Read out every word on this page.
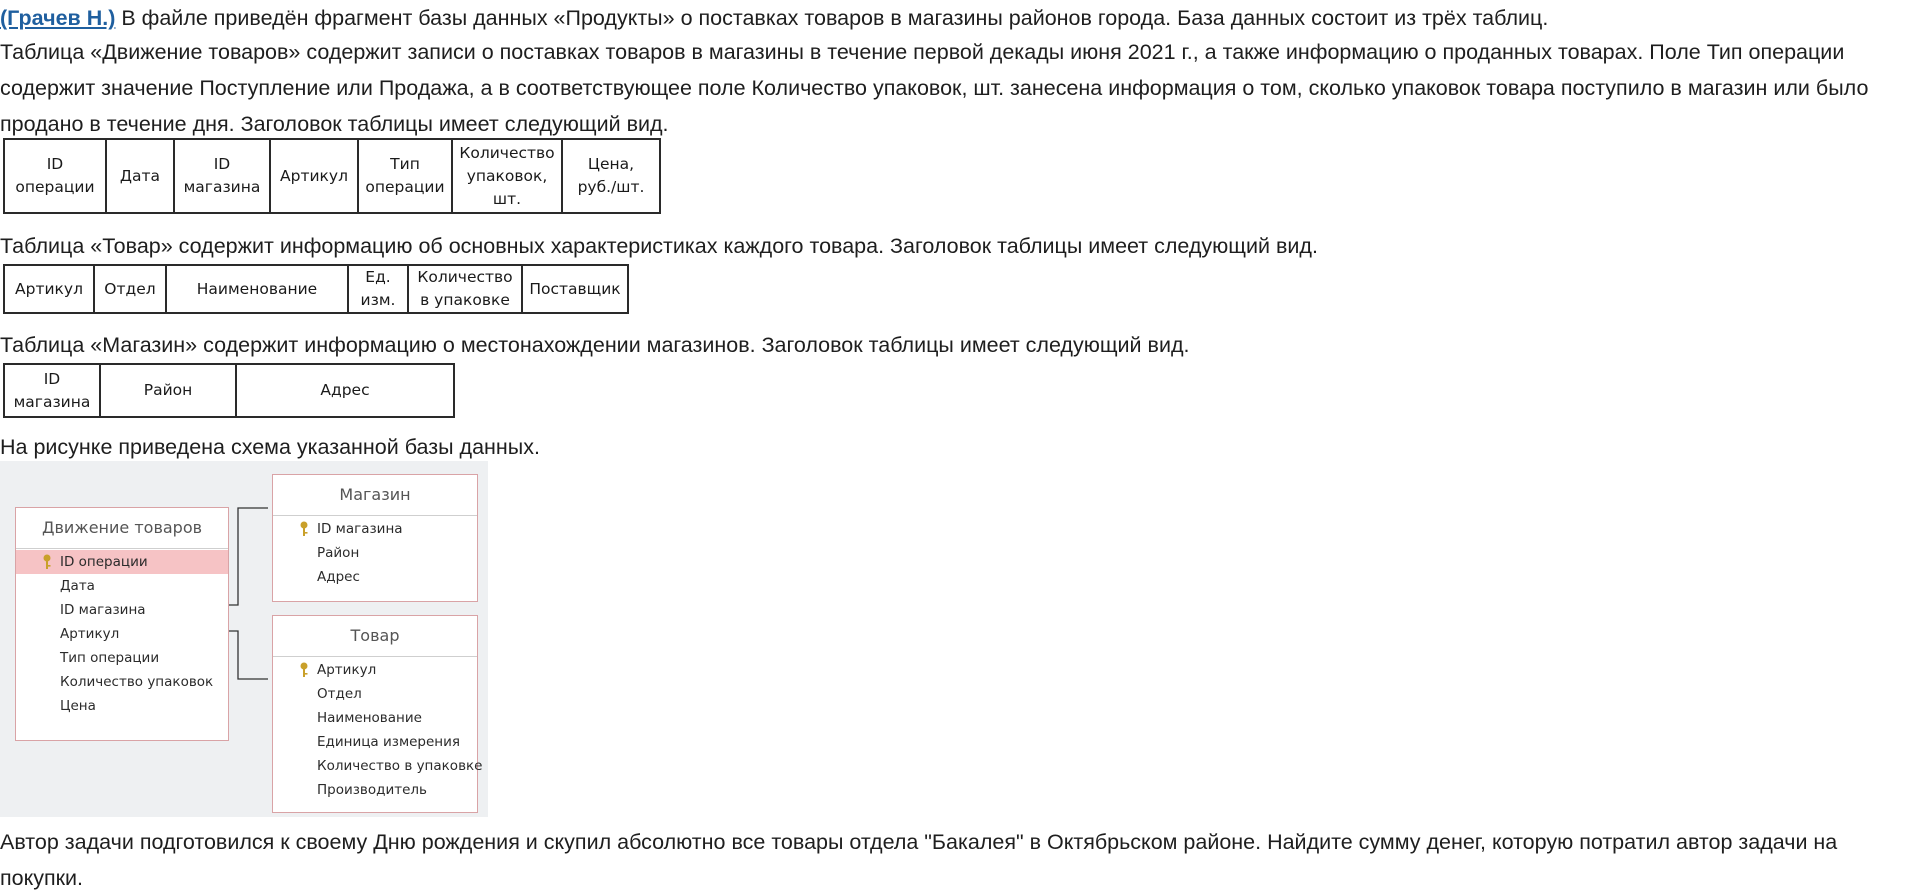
(Грачев Н.) В файле приведён фрагмент базы данных «Продукты» о поставках товаров в магазины районов города. База данных состоит из трёх таблиц.

Таблица «Движение товаров» содержит записи о поставках товаров в магазины в течение первой декады июня 2021 г., а также информацию о проданных товарах. Поле Тип операции содержит значение Поступление или Продажа, а в соответствующее поле Количество упаковок, шт. занесена информация о том, сколько упаковок товара поступило в магазин или было продано в течение дня. Заголовок таблицы имеет следующий вид.

ID операции	Дата	ID магазина	Артикул	Тип операции	Количество упаковок, шт.	Цена, руб./шт.

Таблица «Товар» содержит информацию об основных характеристиках каждого товара. Заголовок таблицы имеет следующий вид.

Артикул	Отдел	Наименование	Ед. изм.	Количество в упаковке	Поставщик

Таблица «Магазин» содержит информацию о местонахождении магазинов. Заголовок таблицы имеет следующий вид.

ID магазина	Район	Адрес

На рисунке приведена схема указанной базы данных.

Движение товаров
ID операции
Дата
ID магазина
Артикул
Тип операции
Количество упаковок
Цена
Магазин
ID магазина
Район
Адрес
Товар
Артикул
Отдел
Наименование
Единица измерения
Количество в упаковке
Производитель

Автор задачи подготовился к своему Дню рождения и скупил абсолютно все товары отдела "Бакалея" в Октябрьском районе. Найдите сумму денег, которую потратил автор задачи на покупки.
